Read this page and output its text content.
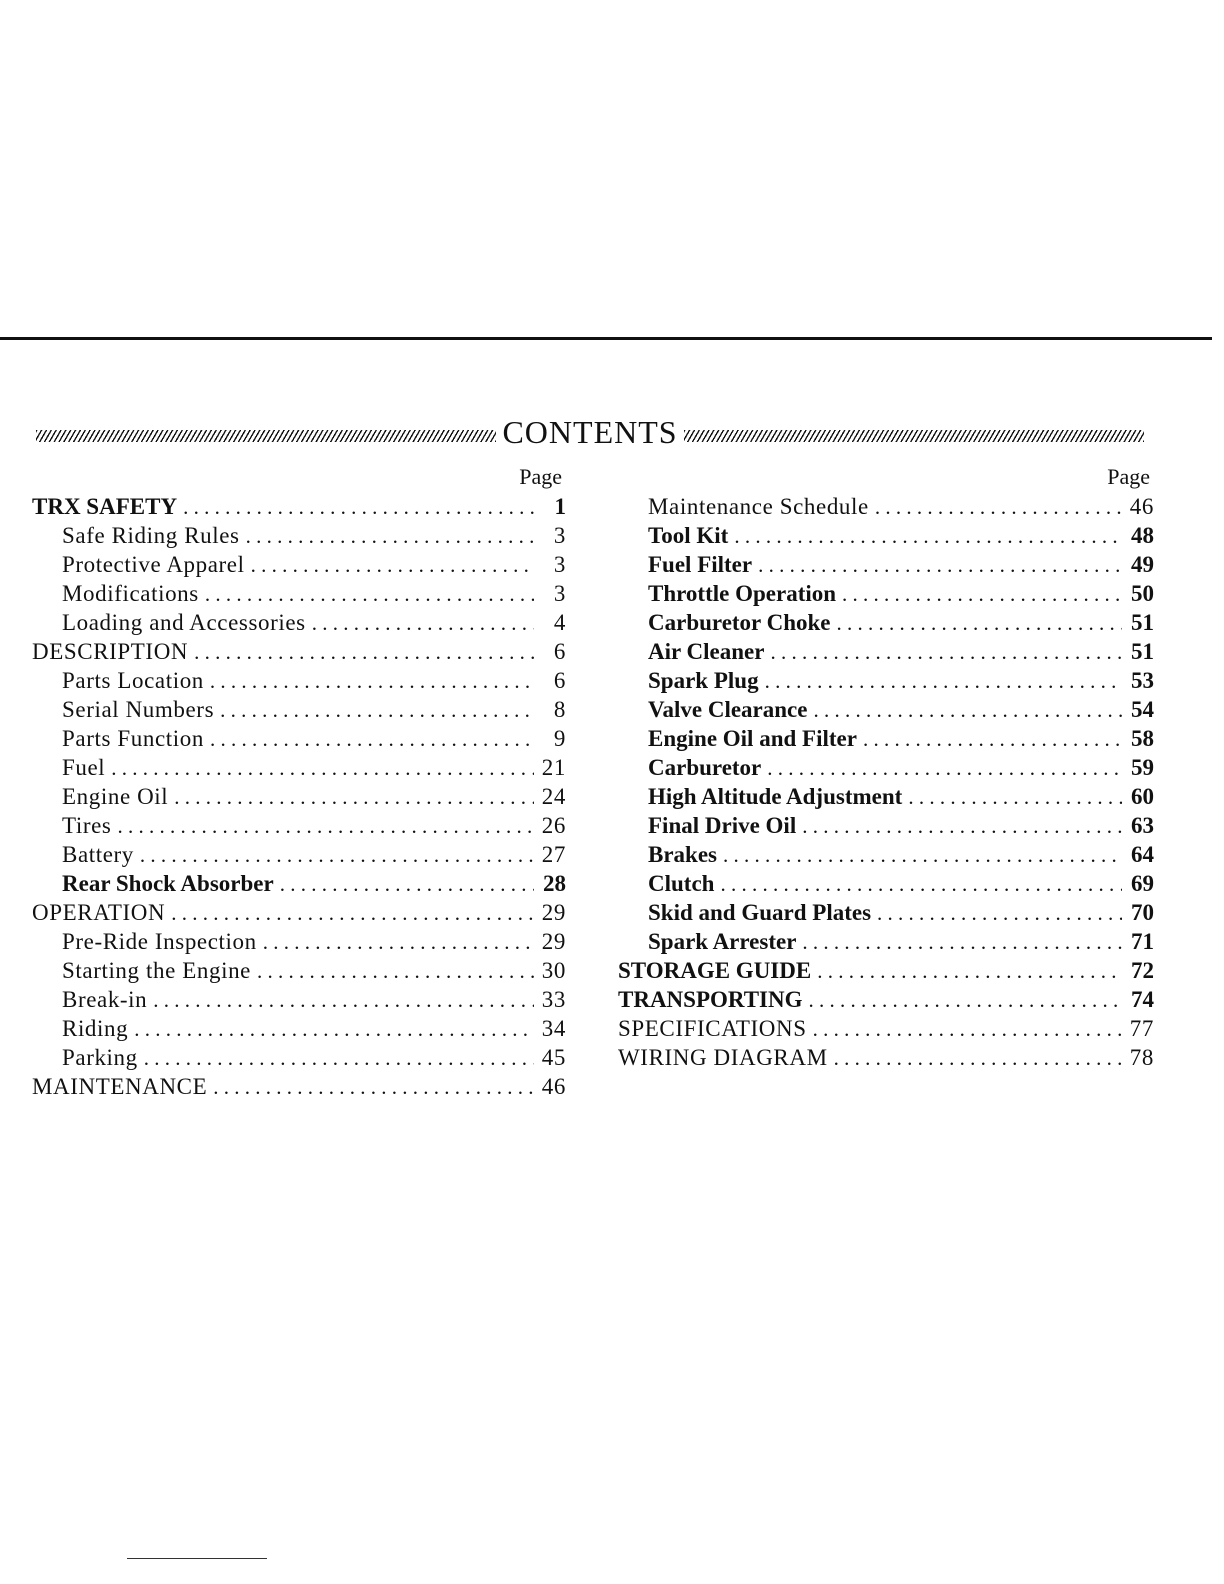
CONTENTS
Page
TRX SAFETY . . .	1
Safe Riding Rules . . .	3
Protective Apparel . . .	3
Modifications . . .	3
Loading and Accessories . . .	4
DESCRIPTION . . .	6
Parts Location . . .	6
Serial Numbers . . .	8
Parts Function . . .	9
Fuel . . .	21
Engine Oil . . .	24
Tires . . .	26
Battery . . .	27
Rear Shock Absorber . . .	28
OPERATION . . .	29
Pre-Ride Inspection . . .	29
Starting the Engine . . .	30
Break-in . . .	33
Riding . . .	34
Parking . . .	45
MAINTENANCE . . .	46
Page
Maintenance Schedule . . .	46
Tool Kit . . .	48
Fuel Filter . . .	49
Throttle Operation . . .	50
Carburetor Choke . . .	51
Air Cleaner . . .	51
Spark Plug . . .	53
Valve Clearance . . .	54
Engine Oil and Filter . . .	58
Carburetor . . .	59
High Altitude Adjustment . . .	60
Final Drive Oil . . .	63
Brakes . . .	64
Clutch . . .	69
Skid and Guard Plates . . .	70
Spark Arrester . . .	71
STORAGE GUIDE . . .	72
TRANSPORTING . . .	74
SPECIFICATIONS . . .	77
WIRING DIAGRAM . . .	78
